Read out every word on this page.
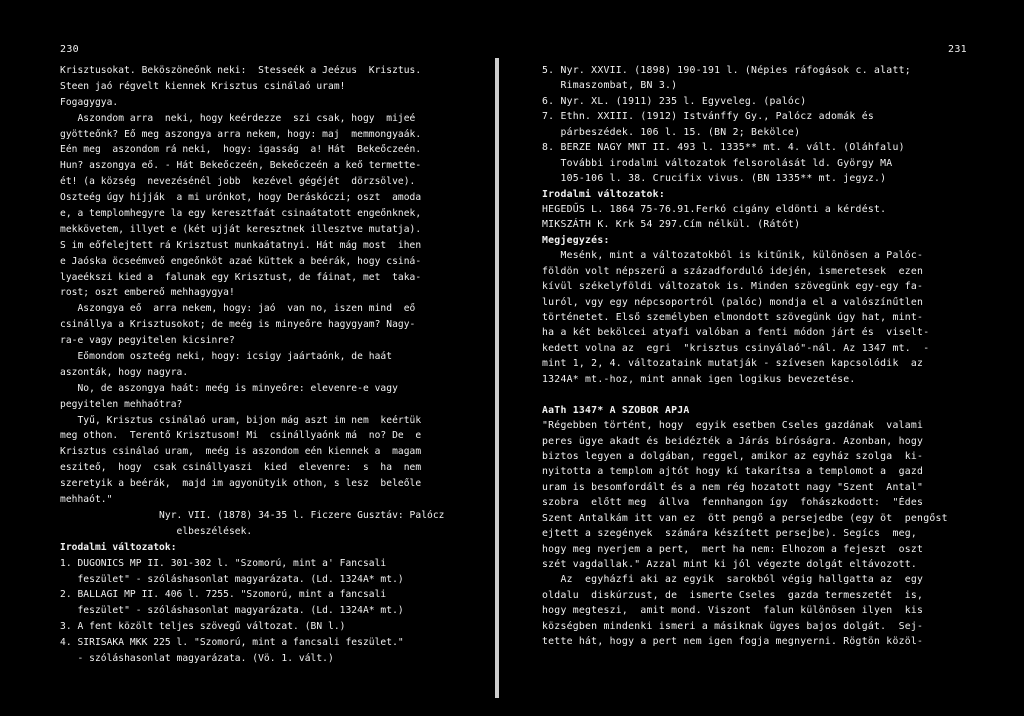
230
Krisztusokat. Beköszöneőnk neki:  Stesseék a Jeézus  Krisztus.
Steen jaó régvelt kiennek Krisztus csinálaó uram!
Fogagygya.
Aszondom arra  neki, hogy keérdezze  szi csak, hogy  mijeé
gyötteőnk? Eő meg aszongya arra nekem, hogy: maj  memmongyaák.
Eén meg  aszondom rá neki,  hogy: igasság  a! Hát  Bekeőczeén.
Hun? aszongya eő. - Hát Bekeőczeén, Bekeőczeén a keő termette-
ét! (a község  nevezésénél jobb  kezével gégéjét  dörzsölve).
Oszteég úgy hijják  a mi urónkot, hogy Deráskóczi; oszt  amoda
e, a templomhegyre la egy keresztfaát csinaátatott engeőnknek,
mekkövetem, illyet e (két ujját keresztnek illesztve mutatja).
S im eőfelejtett rá Krisztust munkaátatnyi. Hát mág most  ihen
e Jaóska öcseémveő engeőnköt azaé küttek a beérák, hogy csiná-
lyaeékszi kied a  falunak egy Krisztust, de fáinat, met  taka-
rost; oszt embereő mehhagygya!
Aszongya eő  arra nekem, hogy: jaó  van no, iszen mind  eő
csinállya a Krisztusokot; de meég is minyeőre hagygyam? Nagy-
ra-e vagy pegyitelen kicsinre?
Eőmondom oszteég neki, hogy: icsigy jaártaónk, de haát
aszonták, hogy nagyra.
No, de aszongya haát: meég is minyeőre: elevenre-e vagy
pegyitelen mehhaótra?
Tyű, Krisztus csinálaó uram, bijon mág aszt im nem  keértük
meg othon.  Terentő Krisztusom! Mi  csinállyaónk má  no? De  e
Krisztus csinálaó uram,  meég is aszondom eén kiennek a  magam
esziteő,  hogy  csak csinállyaszi  kied  elevenre:  s  ha  nem
szeretyik a beérák,  majd im agyonütyik othon, s lesz  beleőle
mehhaót."
Nyr. VII. (1878) 34-35 l. Ficzere Gusztáv: Palócz
elbeszélések.
Irodalmi változatok:
1. DUGONICS MP II. 301-302 l. "Szomorú, mint a' Fancsali
feszület" - szóláshasonlat magyarázata. (Ld. 1324A* mt.)
2. BALLAGI MP II. 406 l. 7255. "Szomorú, mint a fancsali
feszület" - szóláshasonlat magyarázata. (Ld. 1324A* mt.)
3. A fent közölt teljes szövegű változat. (BN l.)
4. SIRISAKA MKK 225 l. "Szomorú, mint a fancsali feszület."
- szóláshasonlat magyarázata. (Vö. 1. vált.)
231
5. Nyr. XXVII. (1898) 190-191 l. (Népies ráfogások c. alatt;
Rimaszombat, BN 3.)
6. Nyr. XL. (1911) 235 l. Egyveleg. (palóc)
7. Ethn. XXIII. (1912) Istvánffy Gy., Palócz adomák és
párbeszédek. 106 l. 15. (BN 2; Bekölce)
8. BERZE NAGY MNT II. 493 l. 1335** mt. 4. vált. (Oláhfalu)
További irodalmi változatok felsorolását ld. György MA
105-106 l. 38. Crucifix vivus. (BN 1335** mt. jegyz.)
Irodalmi változatok:
HEGEDŰS L. 1864 75-76.91.Ferkó cigány eldönti a kérdést.
MIKSZÁTH K. Krk 54 297.Cím nélkül. (Rátót)
Megjegyzés:
Mesénk, mint a változatokból is kitűnik, különösen a Palóc-
földön volt népszerű a századforduló idején, ismeretesek  ezen
kívül székelyföldi változatok is. Minden szövegünk egy-egy fa-
luról, vgy egy népcsoportról (palóc) mondja el a valószínűtlen
történetet. Első személyben elmondott szövegünk úgy hat, mint-
ha a két bekölcei atyafi valóban a fenti módon járt és  viselt-
kedett volna az  egri  "krisztus csinyálaó"-nál. Az 1347 mt.  -
mint 1, 2, 4. változataink mutatják - szívesen kapcsolódik  az
1324A* mt.-hoz, mint annak igen logikus bevezetése.
AaTh 1347* A SZOBOR APJA
"Régebben történt, hogy  egyik esetben Cseles gazdának  valami
peres ügye akadt és beidézték a Járás bíróságra. Azonban, hogy
biztos legyen a dolgában, reggel, amikor az egyház szolga  ki-
nyitotta a templom ajtót hogy kí takarítsa a templomot a  gazd
uram is besomfordált és a nem rég hozatott nagy "Szent  Antal"
szobra  előtt meg  állva  fennhangon így  fohászkodott:  "Édes
Szent Antalkám itt van ez  ött pengő a persejedbe (egy öt  pengőst
ejtett a szegények  számára készített persejbe). Segícs  meg,
hogy meg nyerjem a pert,  mert ha nem: Elhozom a fejeszt  oszt
szét vagdallak." Azzal mint ki jól végezte dolgát eltávozott.
Az  egyházfi aki az egyik  sarokból végig hallgatta az  egy
oldalu  diskúrzust, de  ismerte Cseles  gazda termeszetét  is,
hogy megteszi,  amit mond. Viszont  falun különösen ilyen  kis
községben mindenki ismeri a másiknak ügyes bajos dolgát.  Sej-
tette hát, hogy a pert nem igen fogja megnyerni. Rögtön közöl-
